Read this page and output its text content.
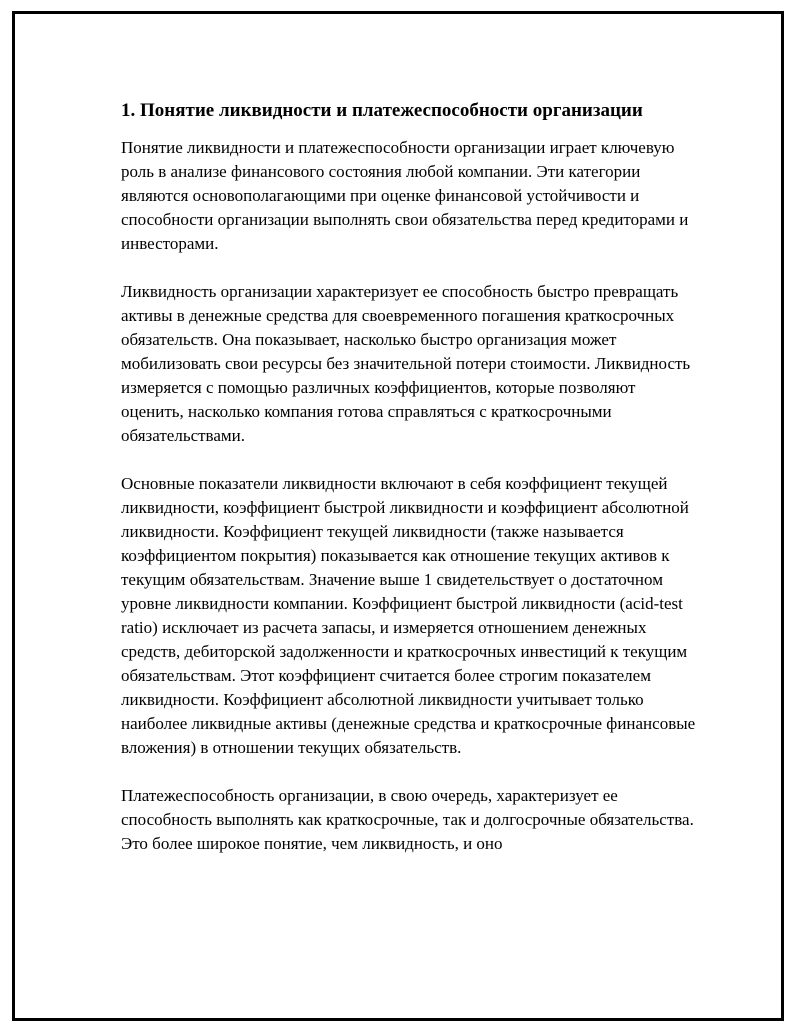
1. Понятие ликвидности и платежеспособности организации

Понятие ликвидности и платежеспособности организации играет ключевую роль в анализе финансового состояния любой компании. Эти категории являются основополагающими при оценке финансовой устойчивости и способности организации выполнять свои обязательства перед кредиторами и инвесторами.

Ликвидность организации характеризует ее способность быстро превращать активы в денежные средства для своевременного погашения краткосрочных обязательств. Она показывает, насколько быстро организация может мобилизовать свои ресурсы без значительной потери стоимости. Ликвидность измеряется с помощью различных коэффициентов, которые позволяют оценить, насколько компания готова справляться с краткосрочными обязательствами.

Основные показатели ликвидности включают в себя коэффициент текущей ликвидности, коэффициент быстрой ликвидности и коэффициент абсолютной ликвидности. Коэффициент текущей ликвидности (также называется коэффициентом покрытия) показывается как отношение текущих активов к текущим обязательствам. Значение выше 1 свидетельствует о достаточном уровне ликвидности компании. Коэффициент быстрой ликвидности (acid-test ratio) исключает из расчета запасы, и измеряется отношением денежных средств, дебиторской задолженности и краткосрочных инвестиций к текущим обязательствам. Этот коэффициент считается более строгим показателем ликвидности. Коэффициент абсолютной ликвидности учитывает только наиболее ликвидные активы (денежные средства и краткосрочные финансовые вложения) в отношении текущих обязательств.

Платежеспособность организации, в свою очередь, характеризует ее способность выполнять как краткосрочные, так и долгосрочные обязательства. Это более широкое понятие, чем ликвидность, и оно
